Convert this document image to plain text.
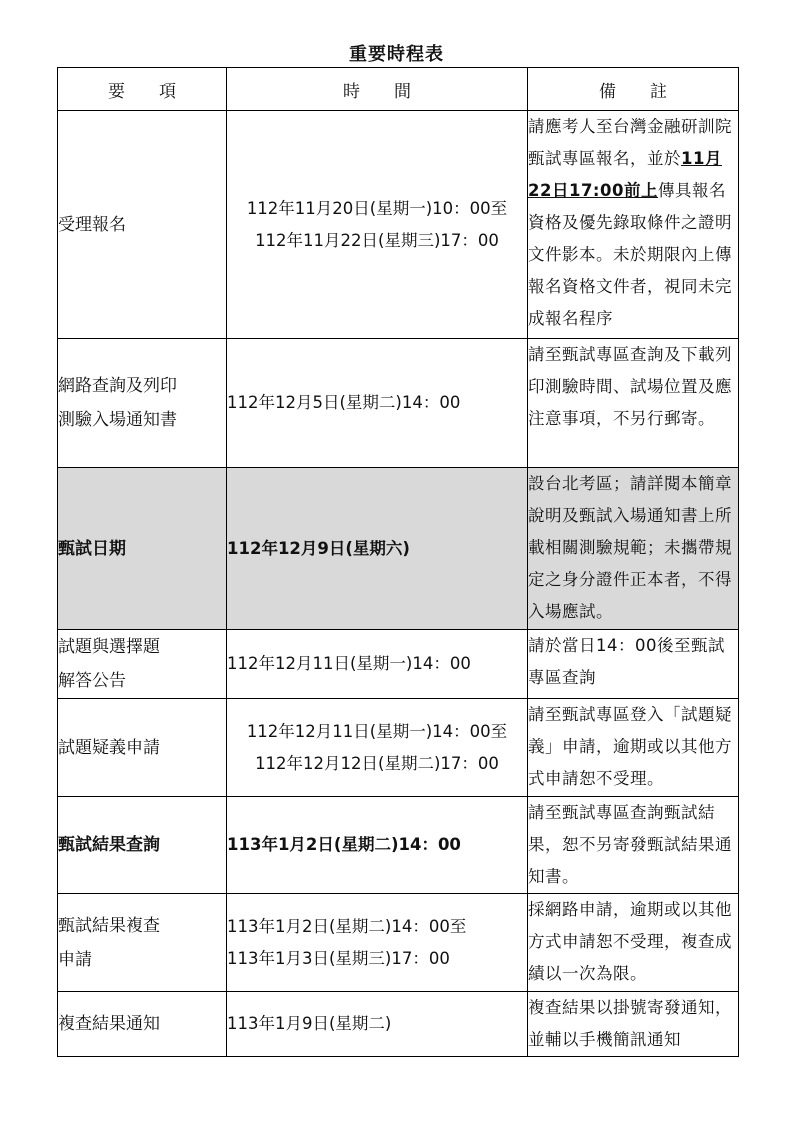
重要時程表
要項	時間	備註

受理報名	112年11月20日(星期一)10：00至
112年11月22日(星期三)17：00	請應考人至台灣金融研訓院甄試專區報名，並於11月22日17:00前上傳具報名資格及優先錄取條件之證明文件影本。未於期限內上傳報名資格文件者，視同未完成報名程序

網路查詢及列印
測驗入場通知書	112年12月5日(星期二)14：00	請至甄試專區查詢及下載列印測驗時間、試場位置及應注意事項，不另行郵寄。

甄試日期	112年12月9日(星期六)	設台北考區；請詳閱本簡章說明及甄試入場通知書上所載相關測驗規範；未攜帶規定之身分證件正本者，不得入場應試。

試題與選擇題
解答公告	112年12月11日(星期一)14：00	請於當日14：00後至甄試專區查詢

試題疑義申請	112年12月11日(星期一)14：00至
112年12月12日(星期二)17：00	請至甄試專區登入「試題疑義」申請，逾期或以其他方式申請恕不受理。

甄試結果查詢	113年1月2日(星期二)14：00	請至甄試專區查詢甄試結果，恕不另寄發甄試結果通知書。

甄試結果複查
申請	113年1月2日(星期二)14：00至
113年1月3日(星期三)17：00	採網路申請，逾期或以其他方式申請恕不受理，複查成績以一次為限。

複查結果通知	113年1月9日(星期二)	複查結果以掛號寄發通知，並輔以手機簡訊通知
